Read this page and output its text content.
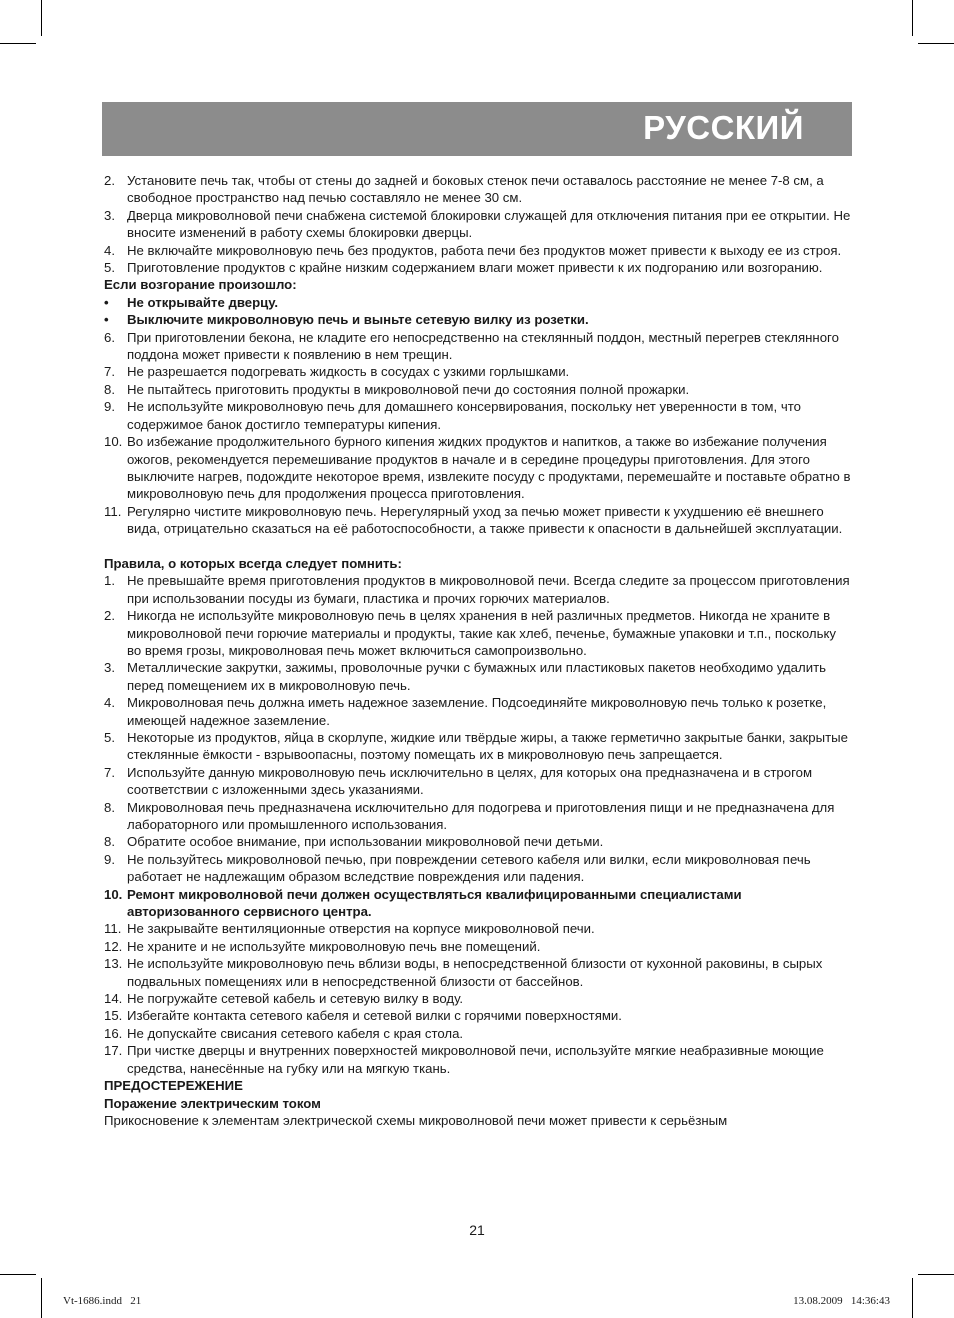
РУССКИЙ
2. Установите печь так, чтобы от стены до задней и боковых стенок печи оставалось расстояние не менее 7-8 см, а свободное пространство над печью составляло не менее 30 см.
3. Дверца микроволновой печи снабжена системой блокировки служащей для отключения питания при ее открытии. Не вносите изменений в работу схемы блокировки дверцы.
4. Не включайте микроволновую печь без продуктов, работа печи без продуктов может привести к выходу ее из строя.
5. Приготовление продуктов с крайне низким содержанием влаги может привести к их подгоранию или возгоранию.
Если возгорание произошло:
• Не открывайте дверцу.
• Выключите микроволновую печь и выньте сетевую вилку из розетки.
6. При приготовлении бекона, не кладите его непосредственно на стеклянный поддон, местный перегрев стеклянного поддона может привести к появлению в нем трещин.
7. Не разрешается подогревать жидкость в сосудах с узкими горлышками.
8. Не пытайтесь приготовить продукты в микроволновой печи до состояния полной прожарки.
9. Не используйте микроволновую печь для домашнего консервирования, поскольку нет уверенности в том, что содержимое банок достигло температуры кипения.
10. Во избежание продолжительного бурного кипения жидких продуктов и напитков, а также во избежание получения ожогов, рекомендуется перемешивание продуктов в начале и в середине процедуры приготовления. Для этого выключите нагрев, подождите некоторое время, извлеките посуду с продуктами, перемешайте и поставьте обратно в микроволновую печь для продолжения процесса приготовления.
11. Регулярно чистите микроволновую печь. Нерегулярный уход за печью может привести к ухудшению её внешнего вида, отрицательно сказаться на её работоспособности, а также привести к опасности в дальнейшей эксплуатации.
Правила, о которых всегда следует помнить:
1. Не превышайте время приготовления продуктов в микроволновой печи. Всегда следите за процессом приготовления при использовании посуды из бумаги, пластика и прочих горючих материалов.
2. Никогда не используйте микроволновую печь в целях хранения в ней различных предметов. Никогда не храните в микроволновой печи горючие материалы и продукты, такие как хлеб, печенье, бумажные упаковки и т.п., поскольку во время грозы, микроволновая печь может включиться самопроизвольно.
3. Металлические закрутки, зажимы, проволочные ручки с бумажных или пластиковых пакетов необходимо удалить перед помещением их в микроволновую печь.
4. Микроволновая печь должна иметь надежное заземление. Подсоединяйте микроволновую печь только к розетке, имеющей надежное заземление.
5. Некоторые из продуктов, яйца в скорлупе, жидкие или твёрдые жиры, а также герметично закрытые банки, закрытые стеклянные ёмкости - взрывоопасны, поэтому помещать их в микроволновую печь запрещается.
7. Используйте данную микроволновую печь исключительно в целях, для которых она предназначена и в строгом соответствии с изложенными здесь указаниями.
8. Микроволновая печь предназначена исключительно для подогрева и приготовления пищи и не предназначена для лабораторного или промышленного использования.
8. Обратите особое внимание, при использовании микроволновой печи детьми.
9. Не пользуйтесь микроволновой печью, при повреждении сетевого кабеля или вилки, если микроволновая печь работает не надлежащим образом вследствие повреждения или падения.
10. Ремонт микроволновой печи должен осуществляться квалифицированными специалистами авторизованного сервисного центра.
11. Не закрывайте вентиляционные отверстия на корпусе микроволновой печи.
12. Не храните и не используйте микроволновую печь вне помещений.
13. Не используйте микроволновую печь вблизи воды, в непосредственной близости от кухонной раковины, в сырых подвальных помещениях или в непосредственной близости от бассейнов.
14. Не погружайте сетевой кабель и сетевую вилку в воду.
15. Избегайте контакта сетевого кабеля и сетевой вилки с горячими поверхностями.
16. Не допускайте свисания сетевого кабеля с края стола.
17. При чистке дверцы и внутренних поверхностей микроволновой печи, используйте мягкие неабразивные моющие средства, нанесённые на губку или на мягкую ткань.
ПРЕДОСТЕРЕЖЕНИЕ
Поражение электрическим током
Прикосновение к элементам электрической схемы микроволновой печи может привести к серьёзным
21
Vt-1686.indd   21	13.08.2009   14:36:43
